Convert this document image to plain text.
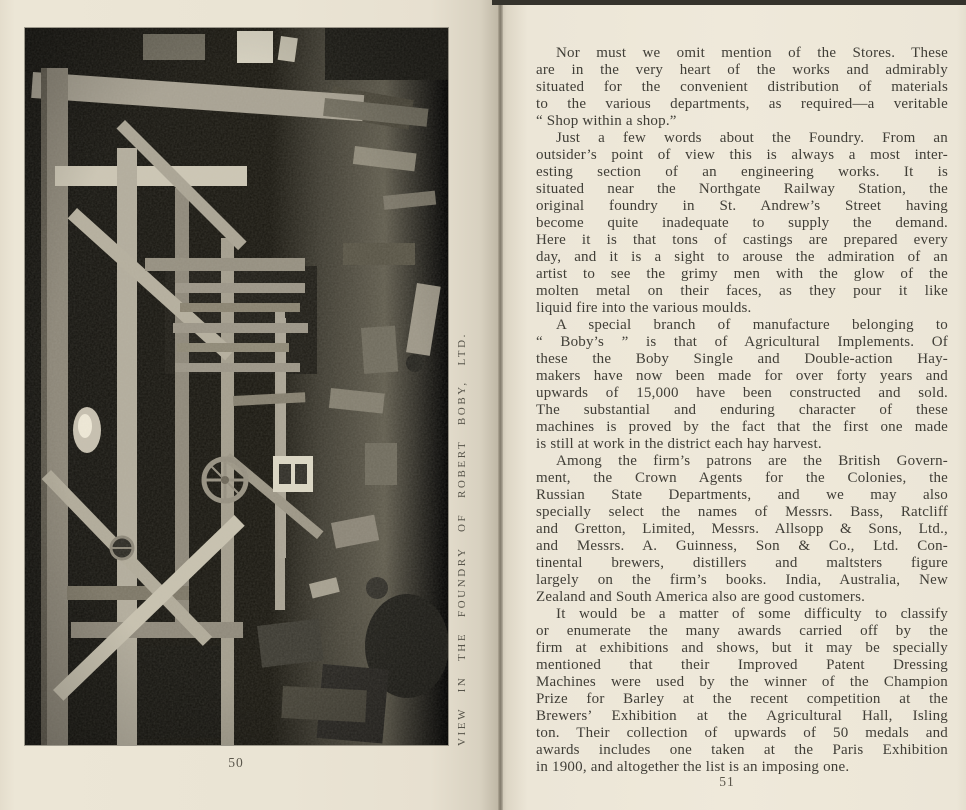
VIEW IN THE FOUNDRY OF ROBERT BOBY, LTD.
50
Nor must we omit mention of the Stores. These
are in the very heart of the works and admirably
situated for the convenient distribution of materials
to the various departments, as required—a veritable
“ Shop within a shop.”
Just a few words about the Foundry. From an
outsider’s point of view this is always a most inter-
esting section of an engineering works. It is
situated near the Northgate Railway Station, the
original foundry in St. Andrew’s Street having
become quite inadequate to supply the demand.
Here it is that tons of castings are prepared every
day, and it is a sight to arouse the admiration of an
artist to see the grimy men with the glow of the
molten metal on their faces, as they pour it like
liquid fire into the various moulds.
A special branch of manufacture belonging to
“ Boby’s ” is that of Agricultural Implements. Of
these the Boby Single and Double-action Hay-
makers have now been made for over forty years and
upwards of 15,000 have been constructed and sold.
The substantial and enduring character of these
machines is proved by the fact that the first one made
is still at work in the district each hay harvest.
Among the firm’s patrons are the British Govern-
ment, the Crown Agents for the Colonies, the
Russian State Departments, and we may also
specially select the names of Messrs. Bass, Ratcliff
and Gretton, Limited, Messrs. Allsopp & Sons, Ltd.,
and Messrs. A. Guinness, Son & Co., Ltd. Con-
tinental brewers, distillers and maltsters figure
largely on the firm’s books. India, Australia, New
Zealand and South America also are good customers.
It would be a matter of some difficulty to classify
or enumerate the many awards carried off by the
firm at exhibitions and shows, but it may be specially
mentioned that their Improved Patent Dressing
Machines were used by the winner of the Champion
Prize for Barley at the recent competition at the
Brewers’ Exhibition at the Agricultural Hall, Isling
ton. Their collection of upwards of 50 medals and
awards includes one taken at the Paris Exhibition
in 1900, and altogether the list is an imposing one.
51
